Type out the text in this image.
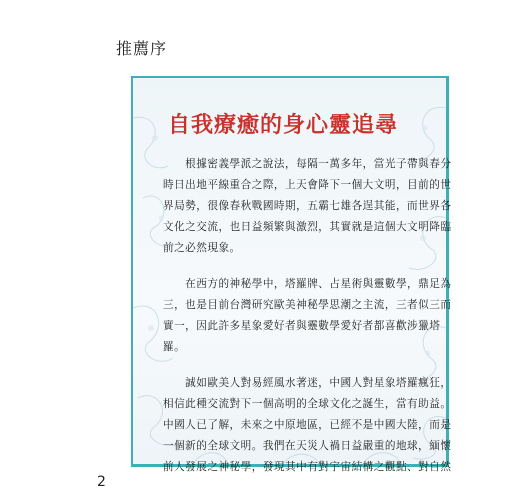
推薦序
自我療癒的身心靈追尋

　　根據密義學派之說法，每隔一萬多年，當光子帶與春分
時日出地平線重合之際，上天會降下一個大文明，目前的世
界局勢，很像春秋戰國時期，五霸七雄各逞其能，而世界各
文化之交流，也日益頻繁與激烈，其實就是這個大文明降臨
前之必然現象。

　　在西方的神秘學中，塔羅牌、占星術與靈數學，鼎足為
三，也是目前台灣研究歐美神秘學思潮之主流，三者似三而
實一，因此許多星象愛好者與靈數學愛好者都喜歡涉獵塔
羅。

　　誠如歐美人對易經風水著迷，中國人對星象塔羅瘋狂，
相信此種交流對下一個高明的全球文化之誕生，當有助益。
中國人已了解，未來之中原地區，已經不是中國大陸，而是
一個新的全球文明。我們在天災人禍日益嚴重的地球，緬懷
前人發展之神秘學，發現其中有對宇宙結構之觀點、對自然

2
